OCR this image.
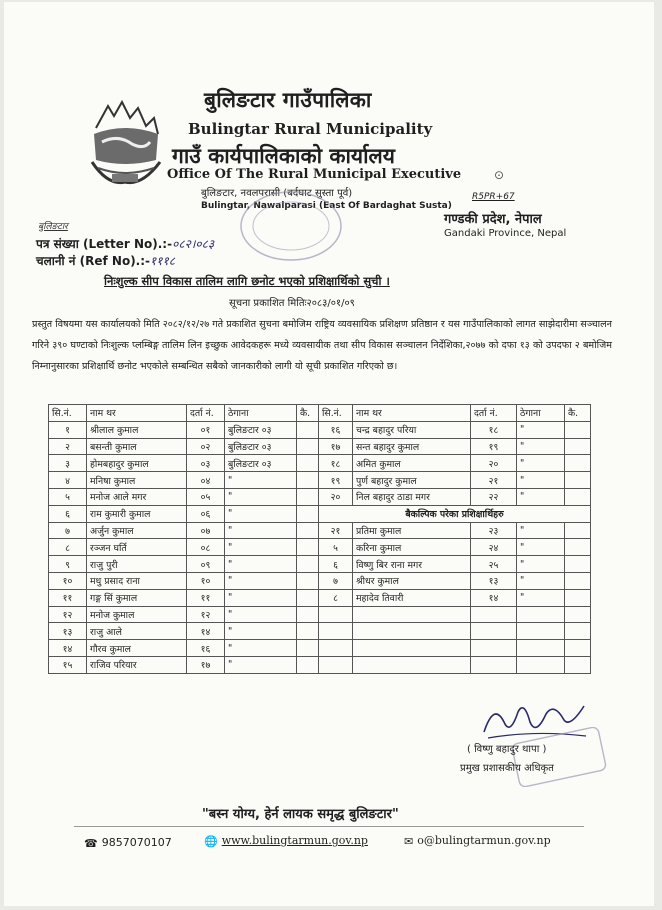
बुलिङटार गाउँपालिका
Bulingtar Rural Municipality
गाउँ कार्यपालिकाको कार्यालय
Office Of The Rural Municipal Executive
बुलिङटार, नवलपरासी (बर्दघाट सुस्ता पूर्व)
Bulingtar, Nawalparasi (East Of Bardaghat Susta)
⊙
R5PR+67
गण्डकी प्रदेश, नेपाल
Gandaki Province, Nepal
बुलिङटार
पत्र संख्या (Letter No).:-०८२।०८३
चलानी नं (Ref No).:-१११८
निःशुल्क सीप विकास तालिम लागि छनोट भएको प्रशिक्षार्थिको सुची ।
सूचना प्रकाशित मितिः२०८३/०१/०९
प्रस्तुत विषयमा यस कार्यालयको मिति २०८२/१२/२७ गते प्रकाशित सुचना बमोजिम राष्ट्रिय व्यवसायिक प्रशिक्षण प्रतिष्ठान र यस गाउँपालिकाको लागत साझेदारीमा सञ्चालन गरिने ३९० घण्टाको निःशुल्क प्लम्बिङ्ग तालिम लिन इच्छुक आवेदकहरू मध्ये व्यवसायीक तथा सीप विकास सञ्चालन निर्देशिका,२०७७ को दफा १३ को उपदफा २ बमोजिम निम्नानुसारका प्रशिक्षार्थि छनोट भएकोले सम्बन्धित सबैको जानकारीको लागी यो सूची प्रकाशित गरिएको छ।
सि.नं.	नाम थर	दर्ता नं.	ठेगाना	कै.	सि.नं.	नाम थर	दर्ता नं.	ठेगाना	कै.
१	श्रीलाल कुमाल	०१	बुलिङटार ०३		१६	चन्द्र बहादुर परिया	१८	"	
२	बसन्ती कुमाल	०२	बुलिङटार ०३		१७	सन्त बहादुर कुमाल	१९	"	
३	होमबहादुर कुमाल	०३	बुलिङटार ०३		१८	अमित कुमाल	२०	"	
४	मनिषा कुमाल	०४	"		१९	पुर्ण बहादुर कुमाल	२१	"	
५	मनोज आले मगर	०५	"		२०	निल बहादुर ठाडा मगर	२२	"	
६	राम कुमारी कुमाल	०६	"		बैकल्पिक परेका प्रशिक्षार्थिहरु				
७	अर्जुन कुमाल	०७	"		२१	प्रतिमा कुमाल	२३	"	
८	रञ्जन घर्ति	०८	"		५	करिना कुमाल	२४	"	
९	राजु पुरी	०९	"		६	विष्णु बिर राना मगर	२५	"	
१०	मधु प्रसाद राना	१०	"		७	श्रीधर कुमाल	१३	"	
११	गङ्ग सिं कुमाल	११	"		८	महादेव तिवारी	१४	"	
१२	मनोज कुमाल	१२	"						
१३	राजु आले	१४	"						
१४	गौरव कुमाल	१६	"						
१५	राजिव परियार	१७	"						
( विष्णु बहादुर थापा )
प्रमुख प्रशासकीय अधिकृत
"बस्न योग्य, हेर्न लायक समृद्ध बुलिङटार"
☎ 9857070107	🌐 www.bulingtarmun.gov.np	✉ o@bulingtarmun.gov.np
